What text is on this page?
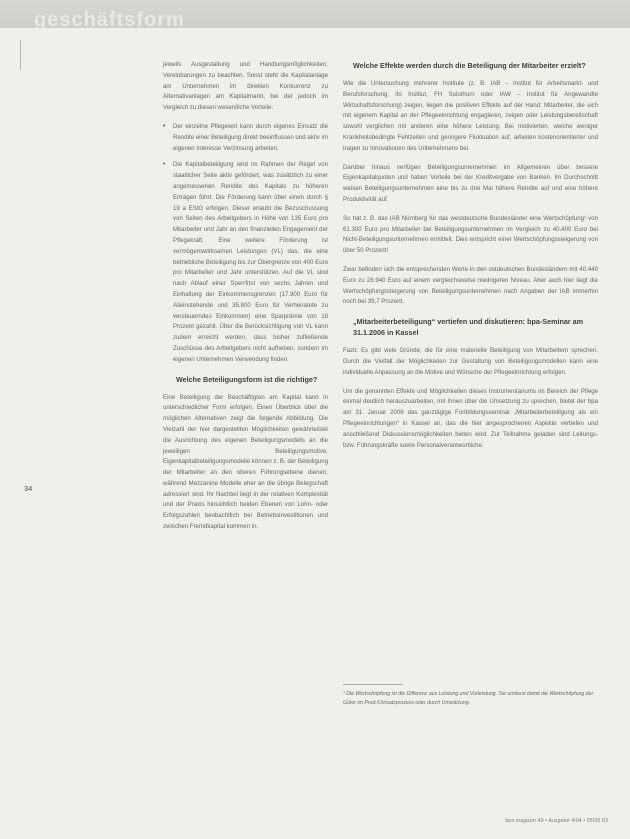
geschäftsform
34

jeweils Ausgestaltung und Handlungsmöglichkeiten, Vereinbarungen zu beachten. Sonst steht die Kapitalanlage am Unternehmen im direkten Konkurrenz zu Alternativanlagen am Kapitalmarkt, bei der jedoch im Vergleich zu diesen wesentliche Vorteile:

• Der einzelne Pflegewirt kann durch eigenes Einsatz die Rendite einer Beteiligung direkt beeinflussen und aktiv im eigenen Interesse Verzinsung arbeiten.
• Die Kapitalbeteiligung wird im Rahmen der Regel von staatlicher Seite aktiv gefördert, was zusätzlich zu einer angemessenen Rendite des Kapitals zu höheren Erträgen führt. Die Förderung kann über einen durch § 19 a EStG erfolgen. Dieser erlaubt die Bezuschussung von Seiten des Arbeitgebers in Höhe von 135 Euro pro Mitarbeiter und Jahr an den finanziellen Engagement der Pflegekraft. Eine weitere Förderung ist vermögenswirksamen Leistungen (VL) das, die eine betriebliche Beteiligung bis zur Obergrenze von 400 Euro pro Mitarbeiter und Jahr unterstützen. Auf die VL sind nach Ablauf einer Sperrfrist von sechs Jahren und Einhaltung der Einkommensgrenzen (17.900 Euro für Alleinstehende und 35.800 Euro für Verheiratete zu versteuerndes Einkommen) eine Sparprämie von 18 Prozent gezahlt. Über die Berücksichtigung von VL kann zudem erreicht werden, dass bisher zufließende Zuschüsse des Arbeitgebers nicht aufheben, sondern im eigenen Unternehmen Verwendung finden.
Welche Beteiligungsform ist die richtige?

Eine Beteiligung der Beschäftigten am Kapital kann in unterschiedlicher Form erfolgen. Einen Überblick über die möglichen Alternativen zeigt die folgende Abbildung. Die Vielzahl der hier dargestellten Möglichkeiten gewährleistet die Ausrichtung des eigenen Beteiligungsmodells an die jeweiligen Beteiligungsmotive. Eigenkapitalbeteiligungsmodelle können z. B. der Beteiligung der Mitarbeiter an den oberen Führungsebene dienen, während Mezzanine Modelle eher an die übrige Belegschaft adressiert sind. Ihr Nachteil liegt in der relativen Komplexität und der Praxis hinsichtlich beiden Ebenen von Lohn- oder Erfolgszahlen beobachtlich bei Betriebsinvestitionen und zwischen Fremdkapital kommen in.

Welche Effekte werden durch die Beteiligung der Mitarbeiter erzielt?

Wie die Untersuchung mehrerer Institute (z. B. IAB – Institut für Arbeitsmarkt- und Berufsforschung, ifo Institut, FH Solothurn oder IAW – Institut für Angewandte Wirtschaftsforschung) zeigen, liegen die positiven Effekte auf der Hand: Mitarbeiter, die sich mit eigenem Kapital an der Pflegeeinrichtung engagieren, zeigen oder Leistungsbereitschaft sowohl verglichen mit anderen eine höhere Leistung. Bei motivierten, welche weniger Krankheitsbedingte Fehlzeiten und geringere Fluktuation auf, arbeiten kostenorientierter und tragen zu Innovationen des Unternehmens bei.

Darüber hinaus verfügen Beteiligungsunternehmen im Allgemeinen über bessere Eigenkapitalquoten und haben Vorteile bei der Kreditvergabe von Banken. Im Durchschnitt weisen Beteiligungsunternehmen eine bis zu drei Mal höhere Rendite auf und eine höhere Produktivität auf.

So hat z. B. das IAB Nürnberg für das westdeutsche Bundesländer eine Wertschöpfung¹ von 61.300 Euro pro Mitarbeiter bei Beteiligungsunternehmen im Vergleich zu 40.400 Euro bei Nicht-Beteiligungsunternehmen ermittelt. Dies entspricht einer Wertschöpfungssteigerung von über 50 Prozent!

Zwar befinden sich die entsprechenden Werte in den ostdeutschen Bundesländern mit 40.440 Euro zu 28.940 Euro auf einem vergleichsweise niedrigeren Niveau. Aber auch hier liegt die Wertschöpfungssteigerung von Beteiligungsunternehmen nach Angaben der IAB immerhin noch bei 39,7 Prozent.

„Mitarbeiterbeteiligung“ vertiefen und diskutieren: bpa-Seminar am 31.1.2006 in Kassel

Fazit: Es gibt viele Gründe, die für eine materielle Beteiligung von Mitarbeitern sprechen. Durch die Vielfalt der Möglichkeiten zur Gestaltung von Beteiligungsmodellen kann eine individuelle Anpassung an die Motive und Wünsche der Pflegeeinrichtung erfolgen.

Um die genannten Effekte und Möglichkeiten dieses Instrumentariums im Bereich der Pflege einmal deutlich herauszuarbeiten, mit Ihnen über die Umsetzung zu sprechen, bietet der bpa am 31. Januar 2006 das ganztägige Fortbildungsseminar „Mitarbeiterbeteiligung als ein Pflegeeinrichtungen“ in Kassel an, das die hier angesprochenen Aspekte vertiefen und anschließend Diskussionsmöglichkeiten bieten wird. Zur Teilnahme geladen sind Leitungs- bzw. Führungskräfte sowie Personalverantwortliche.

¹ Die Wertschöpfung ist die Differenz aus Leistung und Vorleistung. Sie umfasst damit die Wertschöpfung der Güter im Prod./Umsatzprozess oder durch Umwälzung.
bpa magazin 49 • Ausgabe 4/04 • 55/05 03
